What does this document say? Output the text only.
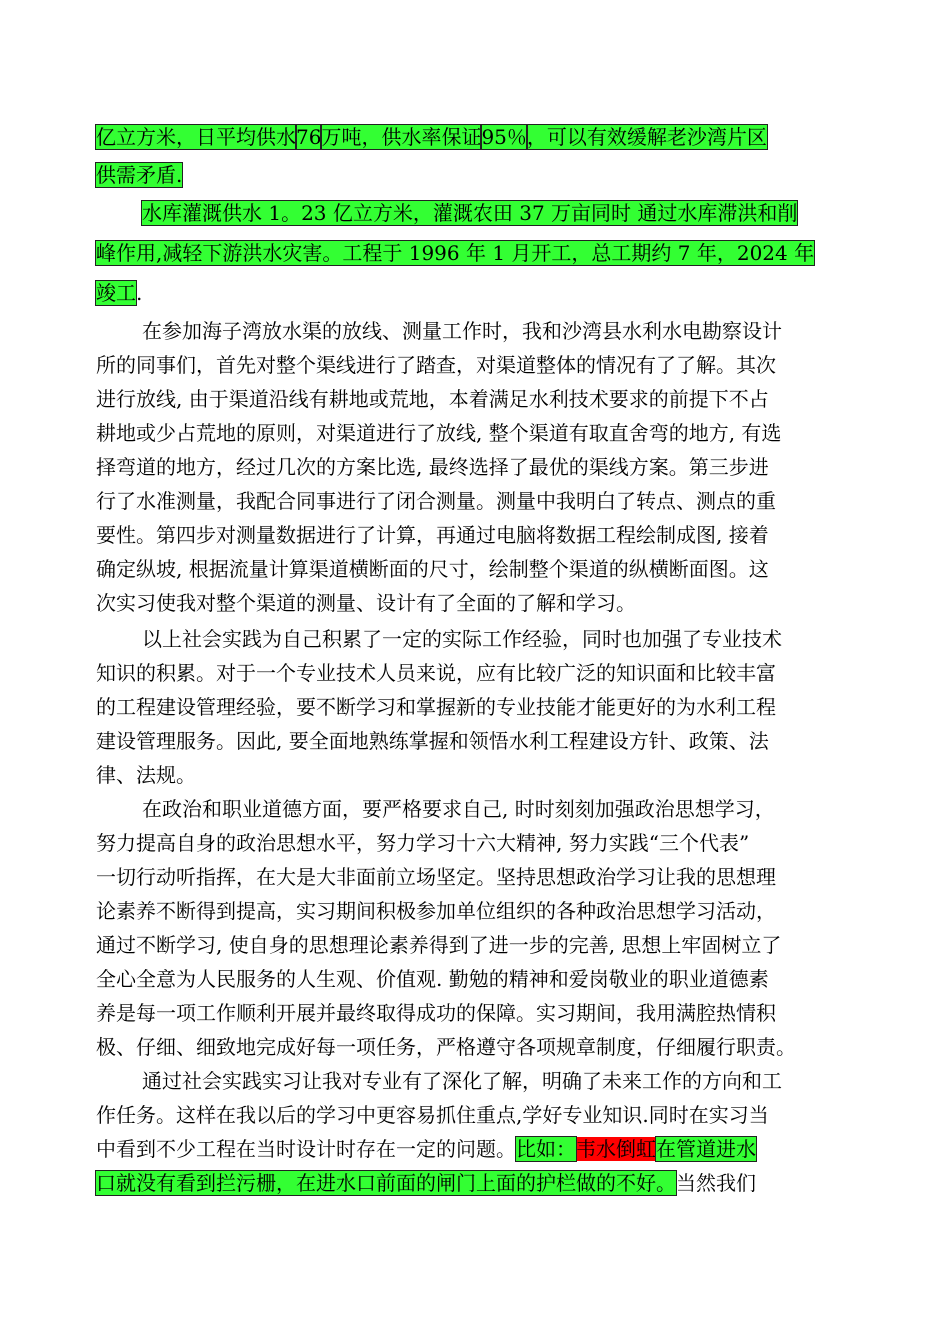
亿立方米，日平均供水76万吨，供水率保证95％，可以有效缓解老沙湾片区
供需矛盾.
水库灌溉供水 1。23 亿立方米，灌溉农田 37 万亩同时 通过水库滞洪和削
峰作用,减轻下游洪水灾害。工程于 1996 年 1 月开工，总工期约 7 年，2024 年
竣工.
在参加海子湾放水渠的放线、测量工作时，我和沙湾县水利水电勘察设计
所的同事们，首先对整个渠线进行了踏查，对渠道整体的情况有了了解。其次
进行放线, 由于渠道沿线有耕地或荒地，本着满足水利技术要求的前提下不占
耕地或少占荒地的原则，对渠道进行了放线, 整个渠道有取直舍弯的地方, 有选
择弯道的地方，经过几次的方案比选, 最终选择了最优的渠线方案。第三步进
行了水准测量，我配合同事进行了闭合测量。测量中我明白了转点、测点的重
要性。第四步对测量数据进行了计算，再通过电脑将数据工程绘制成图, 接着
确定纵坡, 根据流量计算渠道横断面的尺寸，绘制整个渠道的纵横断面图。这
次实习使我对整个渠道的测量、设计有了全面的了解和学习。
以上社会实践为自己积累了一定的实际工作经验，同时也加强了专业技术
知识的积累。对于一个专业技术人员来说，应有比较广泛的知识面和比较丰富
的工程建设管理经验，要不断学习和掌握新的专业技能才能更好的为水利工程
建设管理服务。因此, 要全面地熟练掌握和领悟水利工程建设方针、政策、法
律、法规。
在政治和职业道德方面，要严格要求自己, 时时刻刻加强政治思想学习，
努力提高自身的政治思想水平，努力学习十六大精神, 努力实践“三个代表”
一切行动听指挥，在大是大非面前立场坚定。坚持思想政治学习让我的思想理
论素养不断得到提高，实习期间积极参加单位组织的各种政治思想学习活动，
通过不断学习, 使自身的思想理论素养得到了进一步的完善, 思想上牢固树立了
全心全意为人民服务的人生观、价值观. 勤勉的精神和爱岗敬业的职业道德素
养是每一项工作顺利开展并最终取得成功的保障。实习期间，我用满腔热情积
极、仔细、细致地完成好每一项任务，严格遵守各项规章制度，仔细履行职责。
通过社会实践实习让我对专业有了深化了解，明确了未来工作的方向和工
作任务。这样在我以后的学习中更容易抓住重点,学好专业知识.同时在实习当
中看到不少工程在当时设计时存在一定的问题。比如：韦水倒虹在管道进水
口就没有看到拦污栅，在进水口前面的闸门上面的护栏做的不好。当然我们
